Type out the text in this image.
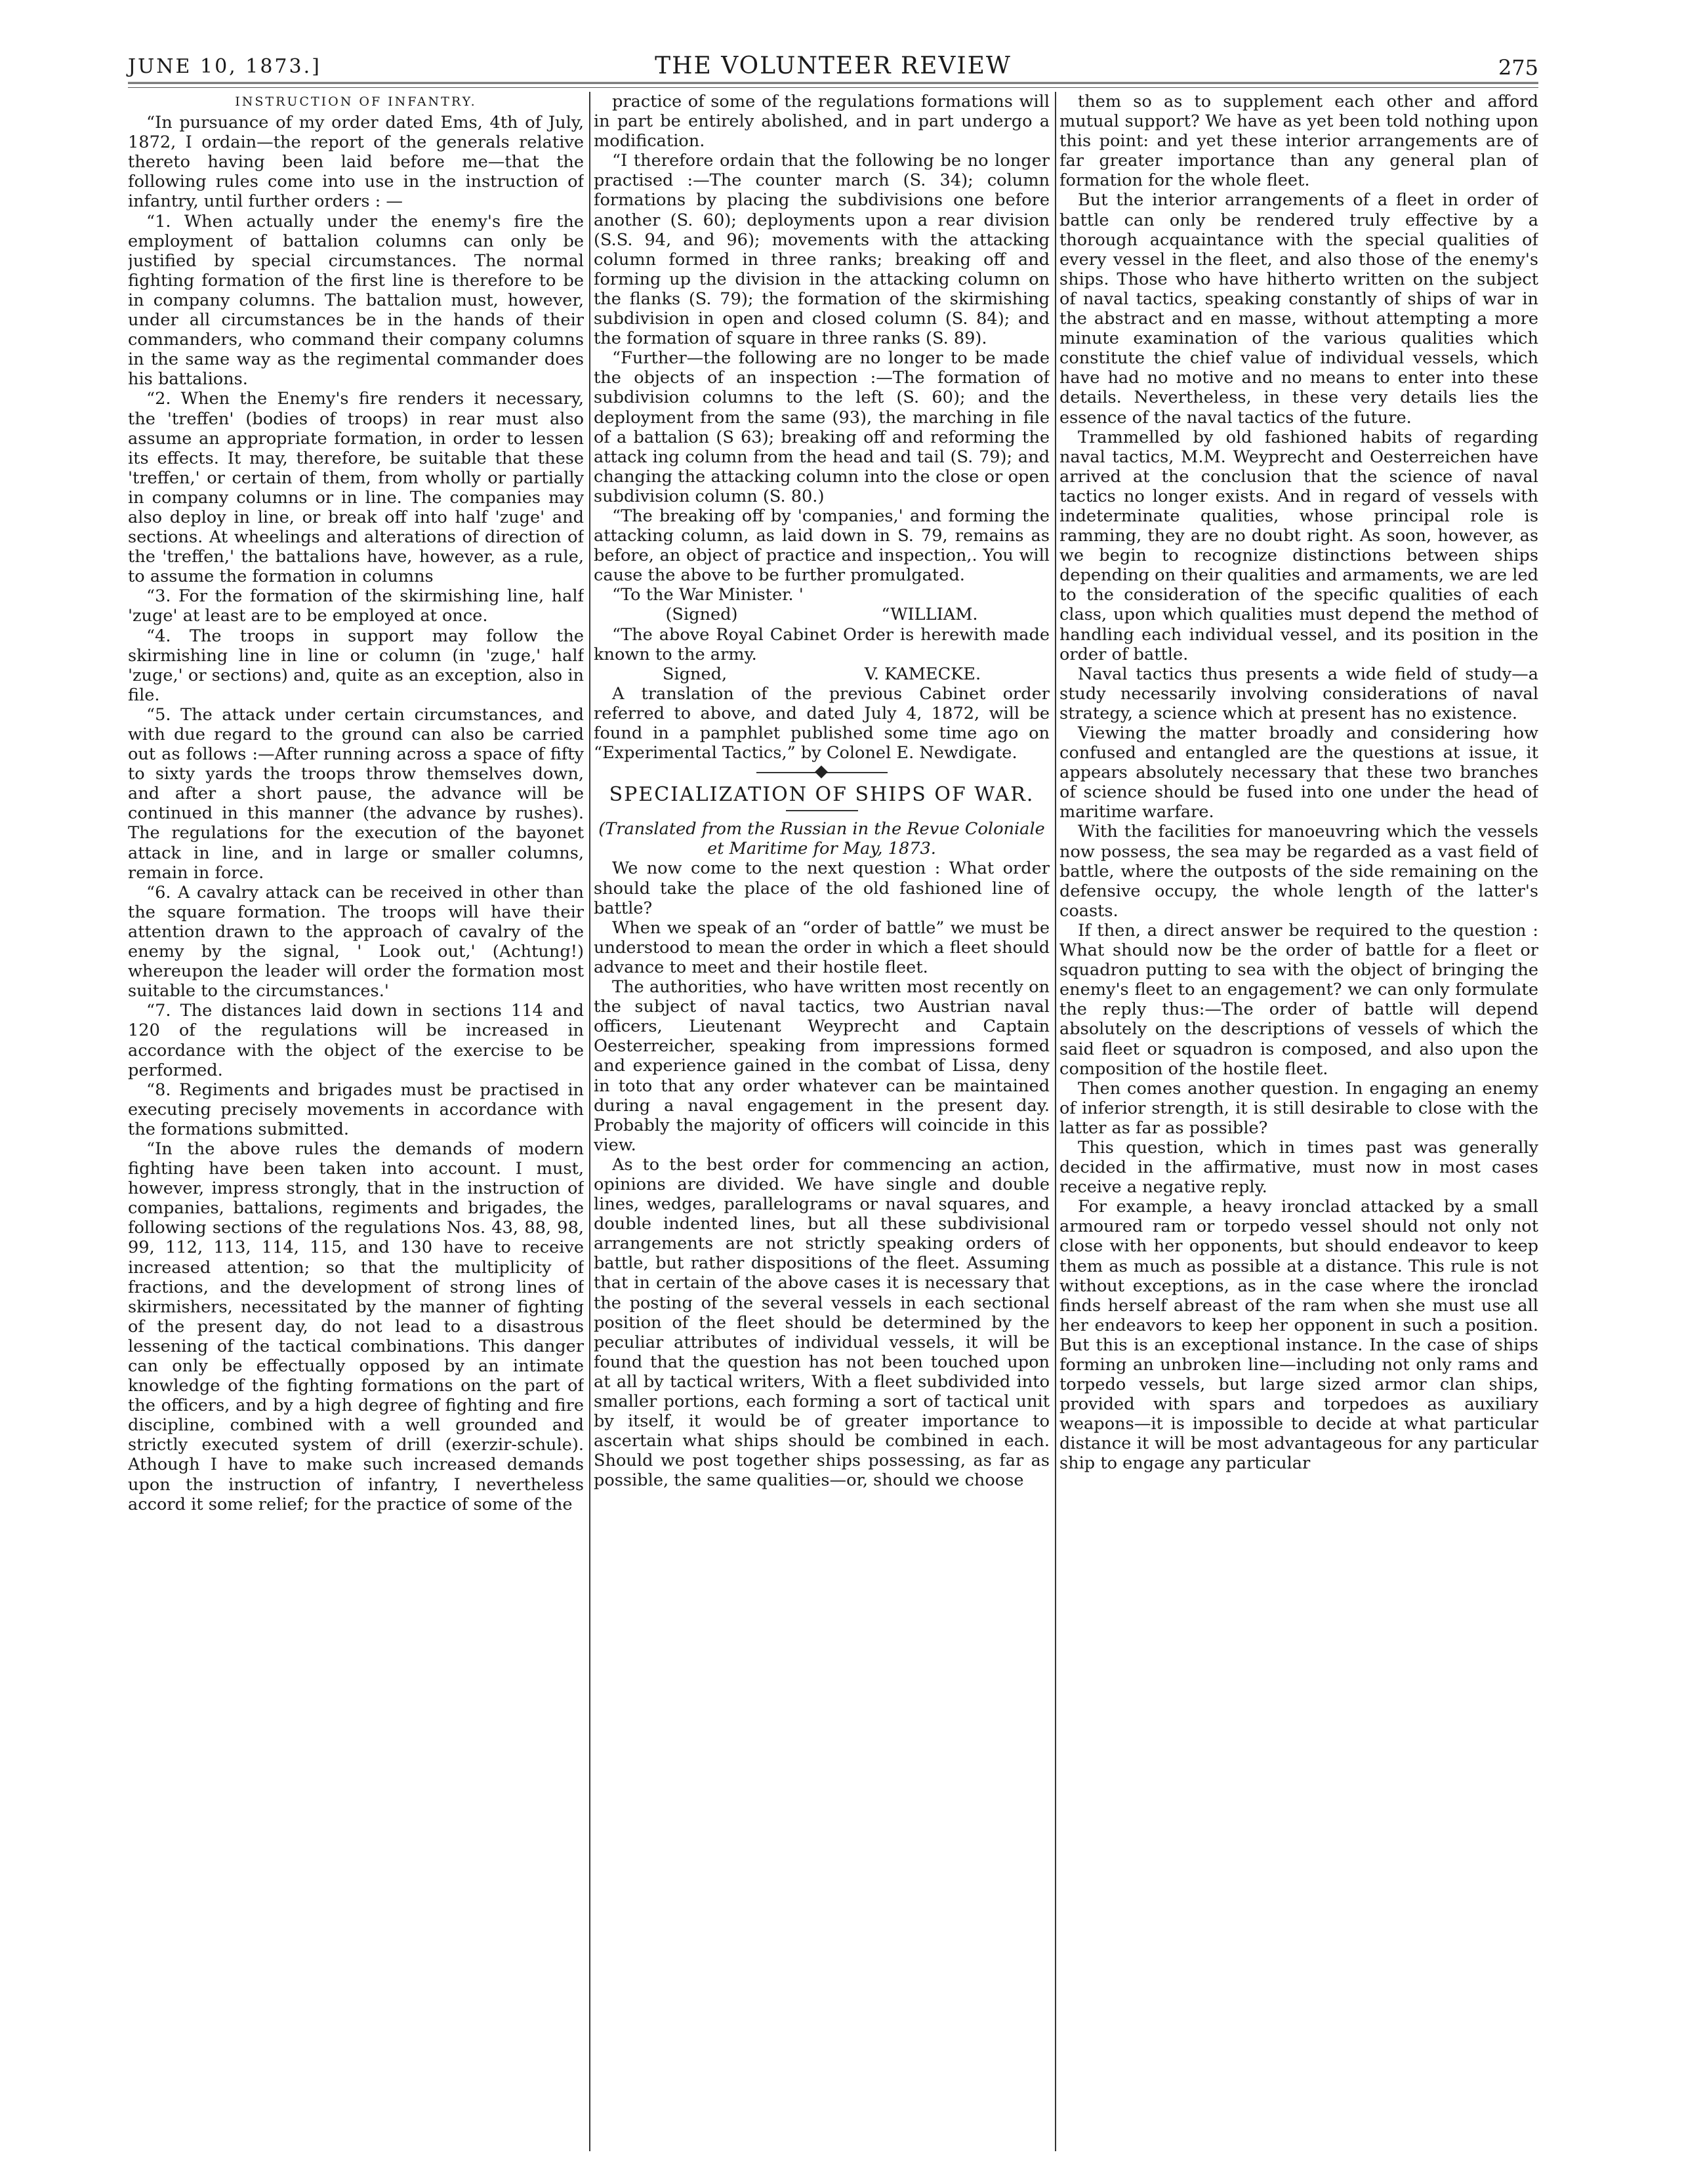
JUNE 10, 1873.]	THE VOLUNTEER REVIEW	275
INSTRUCTION OF INFANTRY.

“In pursuance of my order dated Ems, 4th of July, 1872, I ordain—the report of the generals relative thereto having been laid before me—that the following rules come into use in the instruction of infantry, until further orders : —

“1. When actually under the enemy's fire the employment of battalion columns can only be justified by special circumstances. The normal fighting formation of the first line is therefore to be in company columns. The battalion must, however, under all circumstances be in the hands of their commanders, who command their company columns in the same way as the regimental commander does his battalions.

“2. When the Enemy's fire renders it necessary, the 'treffen' (bodies of troops) in rear must also assume an appropriate formation, in order to lessen its effects. It may, therefore, be suitable that these 'treffen,' or certain of them, from wholly or partially in company columns or in line. The companies may also deploy in line, or break off into half 'zuge' and sections. At wheelings and alterations of direction of the 'treffen,' the battalions have, however, as a rule, to assume the formation in columns

“3. For the formation of the skirmishing line, half 'zuge' at least are to be employed at once.

“4. The troops in support may follow the skirmishing line in line or column (in 'zuge,' half 'zuge,' or sections) and, quite as an exception, also in file.

“5. The attack under certain circumstances, and with due regard to the ground can also be carried out as follows :—After running across a space of fifty to sixty yards the troops throw themselves down, and after a short pause, the advance will be continued in this manner (the advance by rushes). The regulations for the execution of the bayonet attack in line, and in large or smaller columns, remain in force.

“6. A cavalry attack can be received in other than the square formation. The troops will have their attention drawn to the approach of cavalry of the enemy by the signal, ' Look out,' (Achtung!) whereupon the leader will order the formation most suitable to the circumstances.'

“7. The distances laid down in sections 114 and 120 of the regulations will be increased in accordance with the object of the exercise to be performed.

“8. Regiments and brigades must be practised in executing precisely movements in accordance with the formations submitted.

“In the above rules the demands of modern fighting have been taken into account. I must, however, impress strongly, that in the instruction of companies, battalions, regiments and brigades, the following sections of the regulations Nos. 43, 88, 98, 99, 112, 113, 114, 115, and 130 have to receive increased attention; so that the multiplicity of fractions, and the development of strong lines of skirmishers, necessitated by the manner of fighting of the present day, do not lead to a disastrous lessening of the tactical combinations. This danger can only be effectually opposed by an intimate knowledge of the fighting formations on the part of the officers, and by a high degree of fighting and fire discipline, combined with a well grounded and strictly executed system of drill (exerzir-schule). Athough I have to make such increased demands upon the instruction of infantry, I nevertheless accord it some relief; for the practice of some of the

practice of some of the regulations formations will in part be entirely abolished, and in part undergo a modification.

“I therefore ordain that the following be no longer practised :—The counter march (S. 34); column formations by placing the subdivisions one before another (S. 60); deployments upon a rear division (S.S. 94, and 96); movements with the attacking column formed in three ranks; breaking off and forming up the division in the attacking column on the flanks (S. 79); the formation of the skirmishing subdivision in open and closed column (S. 84); and the formation of square in three ranks (S. 89).

“Further—the following are no longer to be made the objects of an inspection :—The formation of subdivision columns to the left (S. 60); and the deployment from the same (93), the marching in file of a battalion (S 63); breaking off and reforming the attack ing column from the head and tail (S. 79); and changing the attacking column into the close or open subdivision column (S. 80.)

“The breaking off by 'companies,' and forming the attacking column, as laid down in S. 79, remains as before, an object of practice and inspection,. You will cause the above to be further promulgated.

“To the War Minister. '

(Signed)	“WILLIAM.

“The above Royal Cabinet Order is herewith made known to the army.

Signed,	V. KAMECKE.

A translation of the previous Cabinet order referred to above, and dated July 4, 1872, will be found in a pamphlet published some time ago on “Experimental Tactics,” by Colonel E. Newdigate.

SPECIALIZATION OF SHIPS OF WAR.

(Translated from the Russian in the Revue Coloniale et Maritime for May, 1873.

We now come to the next question : What order should take the place of the old fashioned line of battle?

When we speak of an “order of battle” we must be understood to mean the order in which a fleet should advance to meet and their hostile fleet.

The authorities, who have written most recently on the subject of naval tactics, two Austrian naval officers, Lieutenant Weyprecht and Captain Oesterreicher, speaking from impressions formed and experience gained in the combat of Lissa, deny in toto that any order whatever can be maintained during a naval engagement in the present day. Probably the majority of officers will coincide in this view.

As to the best order for commencing an action, opinions are divided. We have single and double lines, wedges, parallelograms or naval squares, and double indented lines, but all these subdivisional arrangements are not strictly speaking orders of battle, but rather dispositions of the fleet. Assuming that in certain of the above cases it is necessary that the posting of the several vessels in each sectional position of the fleet should be determined by the peculiar attributes of individual vessels, it will be found that the question has not been touched upon at all by tactical writers, With a fleet subdivided into smaller portions, each forming a sort of tactical unit by itself, it would be of greater importance to ascertain what ships should be combined in each. Should we post together ships possessing, as far as possible, the same qualities—or, should we choose

them so as to supplement each other and afford mutual support? We have as yet been told nothing upon this point: and yet these interior arrangements are of far greater importance than any general plan of formation for the whole fleet.

But the interior arrangements of a fleet in order of battle can only be rendered truly effective by a thorough acquaintance with the special qualities of every vessel in the fleet, and also those of the enemy's ships. Those who have hitherto written on the subject of naval tactics, speaking constantly of ships of war in the abstract and en masse, without attempting a more minute examination of the various qualities which constitute the chief value of individual vessels, which have had no motive and no means to enter into these details. Nevertheless, in these very details lies the essence of the naval tactics of the future.

Trammelled by old fashioned habits of regarding naval tactics, M.M. Weyprecht and Oesterreichen have arrived at the conclusion that the science of naval tactics no longer exists. And in regard of vessels with indeterminate qualities, whose principal role is ramming, they are no doubt right. As soon, however, as we begin to recognize distinctions between ships depending on their qualities and armaments, we are led to the consideration of the specific qualities of each class, upon which qualities must depend the method of handling each individual vessel, and its position in the order of battle.

Naval tactics thus presents a wide field of study—a study necessarily involving considerations of naval strategy, a science which at present has no existence.

Viewing the matter broadly and considering how confused and entangled are the questions at issue, it appears absolutely necessary that these two branches of science should be fused into one under the head of maritime warfare.

With the facilities for manoeuvring which the vessels now possess, the sea may be regarded as a vast field of battle, where the outposts of the side remaining on the defensive occupy, the whole length of the latter's coasts.

If then, a direct answer be required to the question : What should now be the order of battle for a fleet or squadron putting to sea with the object of bringing the enemy's fleet to an engagement? we can only formulate the reply thus:—The order of battle will depend absolutely on the descriptions of vessels of which the said fleet or squadron is composed, and also upon the composition of the hostile fleet.

Then comes another question. In engaging an enemy of inferior strength, it is still desirable to close with the latter as far as possible?

This question, which in times past was generally decided in the affirmative, must now in most cases receive a negative reply.

For example, a heavy ironclad attacked by a small armoured ram or torpedo vessel should not only not close with her opponents, but should endeavor to keep them as much as possible at a distance. This rule is not without exceptions, as in the case where the ironclad finds herself abreast of the ram when she must use all her endeavors to keep her opponent in such a position. But this is an exceptional instance. In the case of ships forming an unbroken line—including not only rams and torpedo vessels, but large sized armor clan ships, provided with spars and torpedoes as auxiliary weapons—it is impossible to decide at what particular distance it will be most advantageous for any particular ship to engage any particular
